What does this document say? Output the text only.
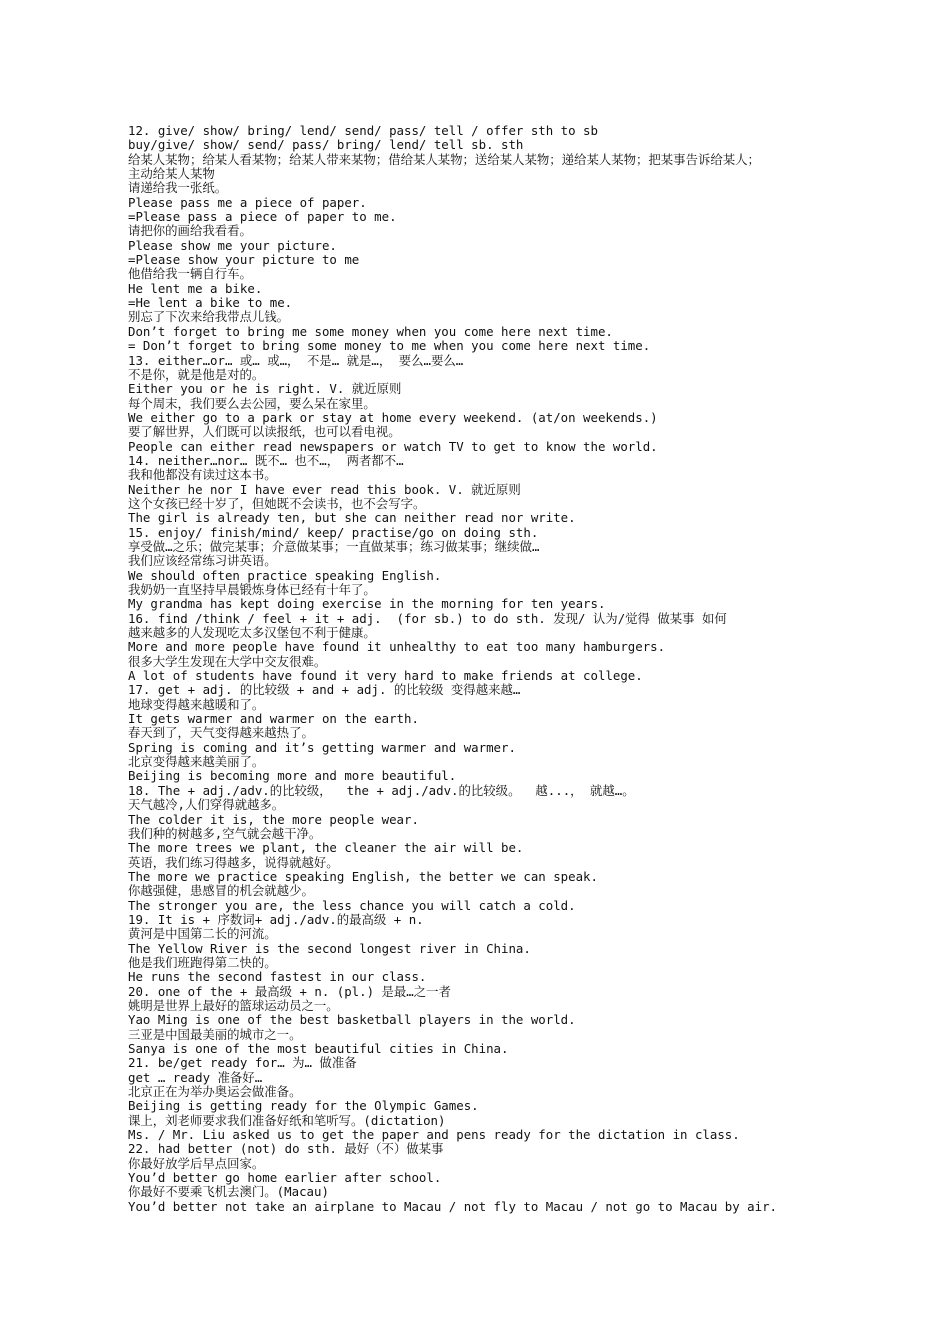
12. give/ show/ bring/ lend/ send/ pass/ tell / offer sth to sb
buy/give/ show/ send/ pass/ bring/ lend/ tell sb. sth
给某人某物；给某人看某物；给某人带来某物；借给某人某物；送给某人某物；递给某人某物；把某事告诉给某人；
主动给某人某物
请递给我一张纸。
Please pass me a piece of paper.
=Please pass a piece of paper to me.
请把你的画给我看看。
Please show me your picture.
=Please show your picture to me
他借给我一辆自行车。
He lent me a bike.
=He lent a bike to me.
别忘了下次来给我带点儿钱。
Don’t forget to bring me some money when you come here next time.
= Don’t forget to bring some money to me when you come here next time.
13. either…or… 或… 或…， 不是… 就是…， 要么…要么…
不是你，就是他是对的。
Either you or he is right. V. 就近原则
每个周末，我们要么去公园，要么呆在家里。
We either go to a park or stay at home every weekend. (at/on weekends.)
要了解世界，人们既可以读报纸，也可以看电视。
People can either read newspapers or watch TV to get to know the world.
14. neither…nor… 既不… 也不…， 两者都不…
我和他都没有读过这本书。
Neither he nor I have ever read this book. V. 就近原则
这个女孩已经十岁了，但她既不会读书，也不会写字。
The girl is already ten, but she can neither read nor write.
15. enjoy/ finish/mind/ keep/ practise/go on doing sth.
享受做…之乐；做完某事；介意做某事；一直做某事；练习做某事；继续做…
我们应该经常练习讲英语。
We should often practice speaking English.
我奶奶一直坚持早晨锻炼身体已经有十年了。
My grandma has kept doing exercise in the morning for ten years.
16. find /think / feel + it + adj.  (for sb.) to do sth. 发现/ 认为/觉得 做某事 如何
越来越多的人发现吃太多汉堡包不利于健康。
More and more people have found it unhealthy to eat too many hamburgers.
很多大学生发现在大学中交友很难。
A lot of students have found it very hard to make friends at college.
17. get + adj. 的比较级 + and + adj. 的比较级 变得越来越…
地球变得越来越暖和了。
It gets warmer and warmer on the earth.
春天到了，天气变得越来越热了。
Spring is coming and it’s getting warmer and warmer.
北京变得越来越美丽了。
Beijing is becoming more and more beautiful.
18. The + adj./adv.的比较级，  the + adj./adv.的比较级。  越...， 就越…。
天气越冷,人们穿得就越多。
The colder it is, the more people wear.
我们种的树越多,空气就会越干净。
The more trees we plant, the cleaner the air will be.
英语，我们练习得越多，说得就越好。
The more we practice speaking English, the better we can speak.
你越强健，患感冒的机会就越少。
The stronger you are, the less chance you will catch a cold.
19. It is + 序数词+ adj./adv.的最高级 + n.
黄河是中国第二长的河流。
The Yellow River is the second longest river in China.
他是我们班跑得第二快的。
He runs the second fastest in our class.
20. one of the + 最高级 + n. (pl.) 是最…之一者
姚明是世界上最好的篮球运动员之一。
Yao Ming is one of the best basketball players in the world.
三亚是中国最美丽的城市之一。
Sanya is one of the most beautiful cities in China.
21. be/get ready for… 为… 做准备
get … ready 准备好…
北京正在为举办奥运会做准备。
Beijing is getting ready for the Olympic Games.
课上，刘老师要求我们准备好纸和笔听写。(dictation)
Ms. / Mr. Liu asked us to get the paper and pens ready for the dictation in class.
22. had better (not) do sth. 最好（不）做某事
你最好放学后早点回家。
You’d better go home earlier after school.
你最好不要乘飞机去澳门。(Macau)
You’d better not take an airplane to Macau / not fly to Macau / not go to Macau by air.
